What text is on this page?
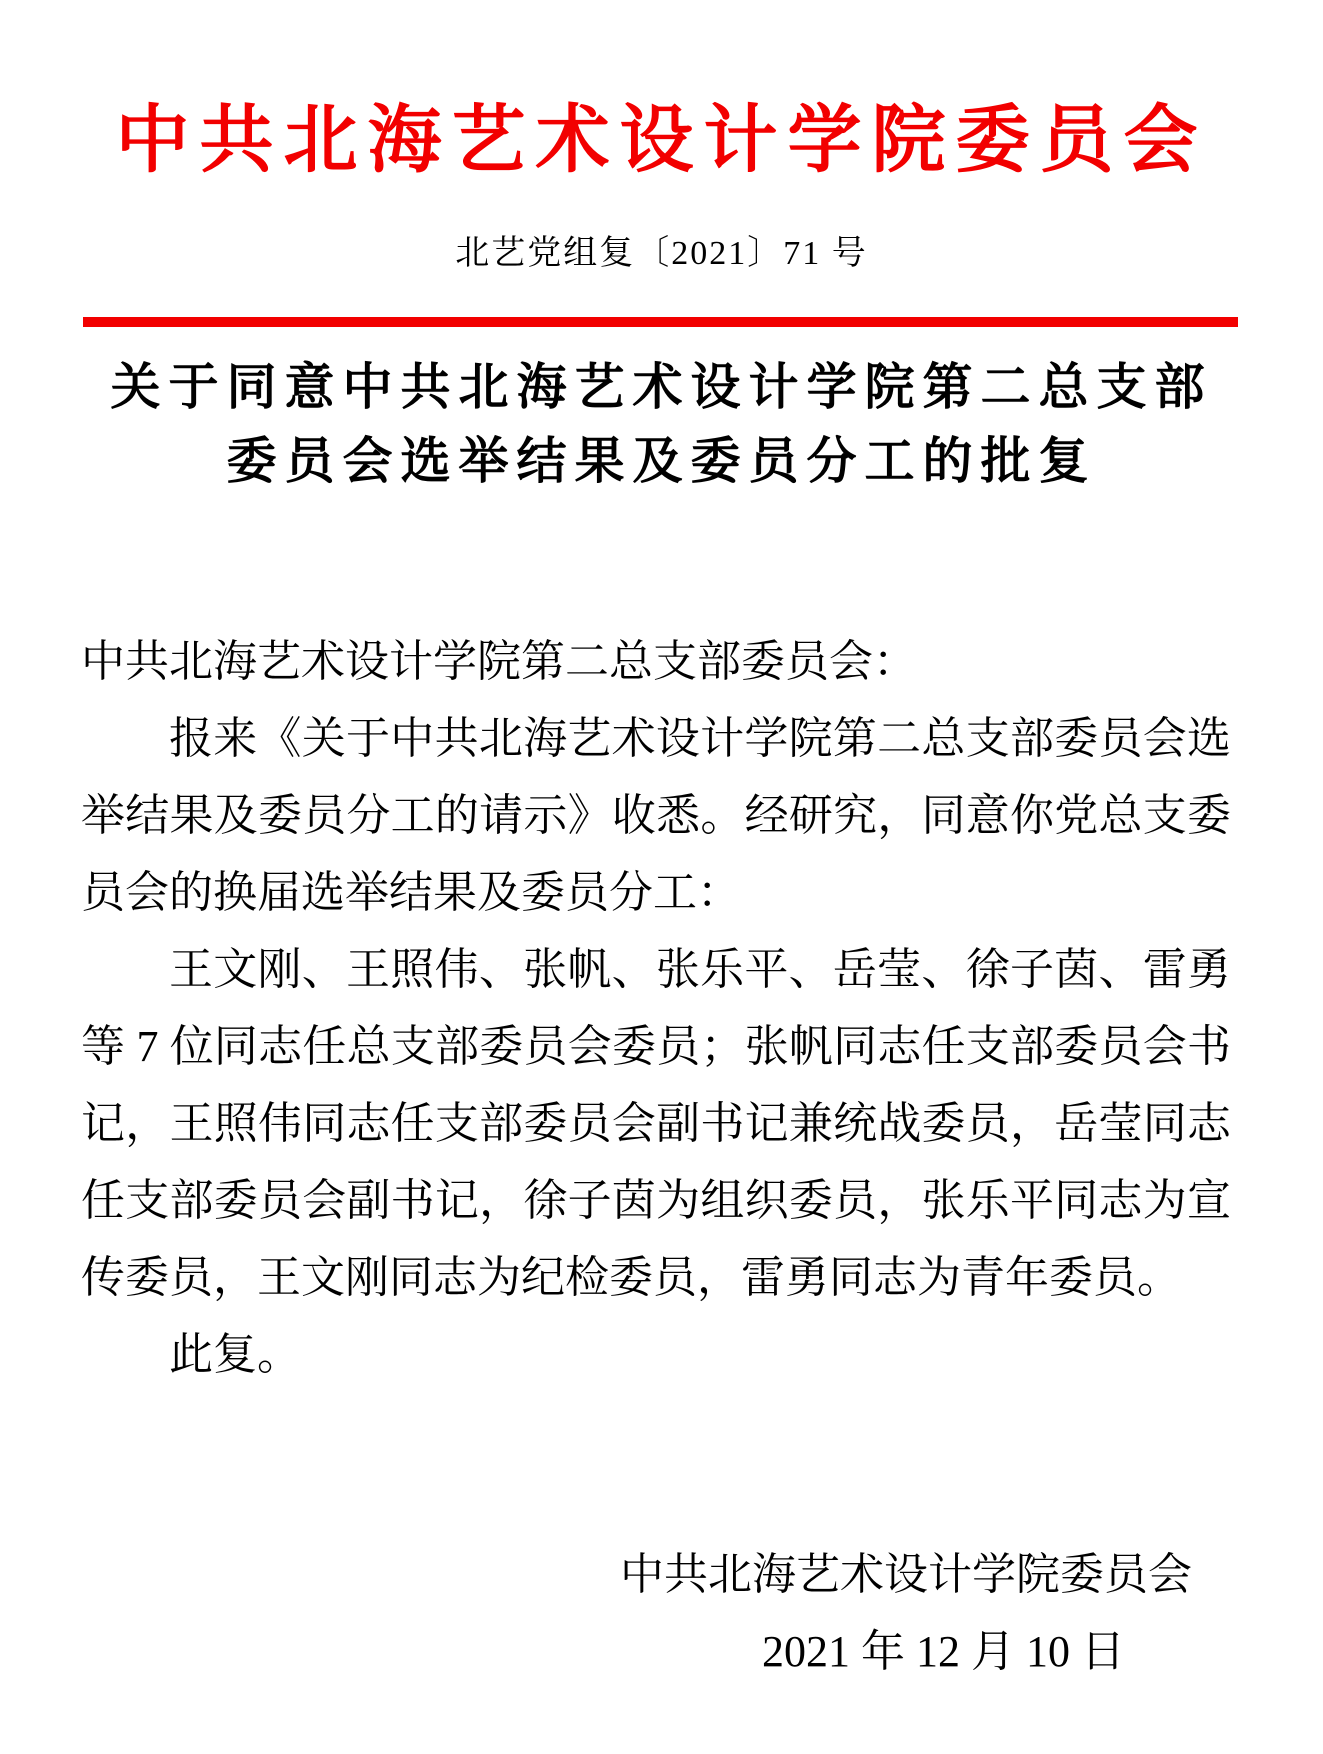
中共北海艺术设计学院委员会
北艺党组复〔2021〕71 号
关于同意中共北海艺术设计学院第二总支部
委员会选举结果及委员分工的批复

中共北海艺术设计学院第二总支部委员会：

报来《关于中共北海艺术设计学院第二总支部委员会选举结果及委员分工的请示》收悉。经研究，同意你党总支委员会的换届选举结果及委员分工：

王文刚、王照伟、张帆、张乐平、岳莹、徐子茵、雷勇等 7 位同志任总支部委员会委员；张帆同志任支部委员会书记，王照伟同志任支部委员会副书记兼统战委员，岳莹同志任支部委员会副书记，徐子茵为组织委员，张乐平同志为宣传委员，王文刚同志为纪检委员，雷勇同志为青年委员。

此复。

中共北海艺术设计学院委员会
2021 年 12 月 10 日
